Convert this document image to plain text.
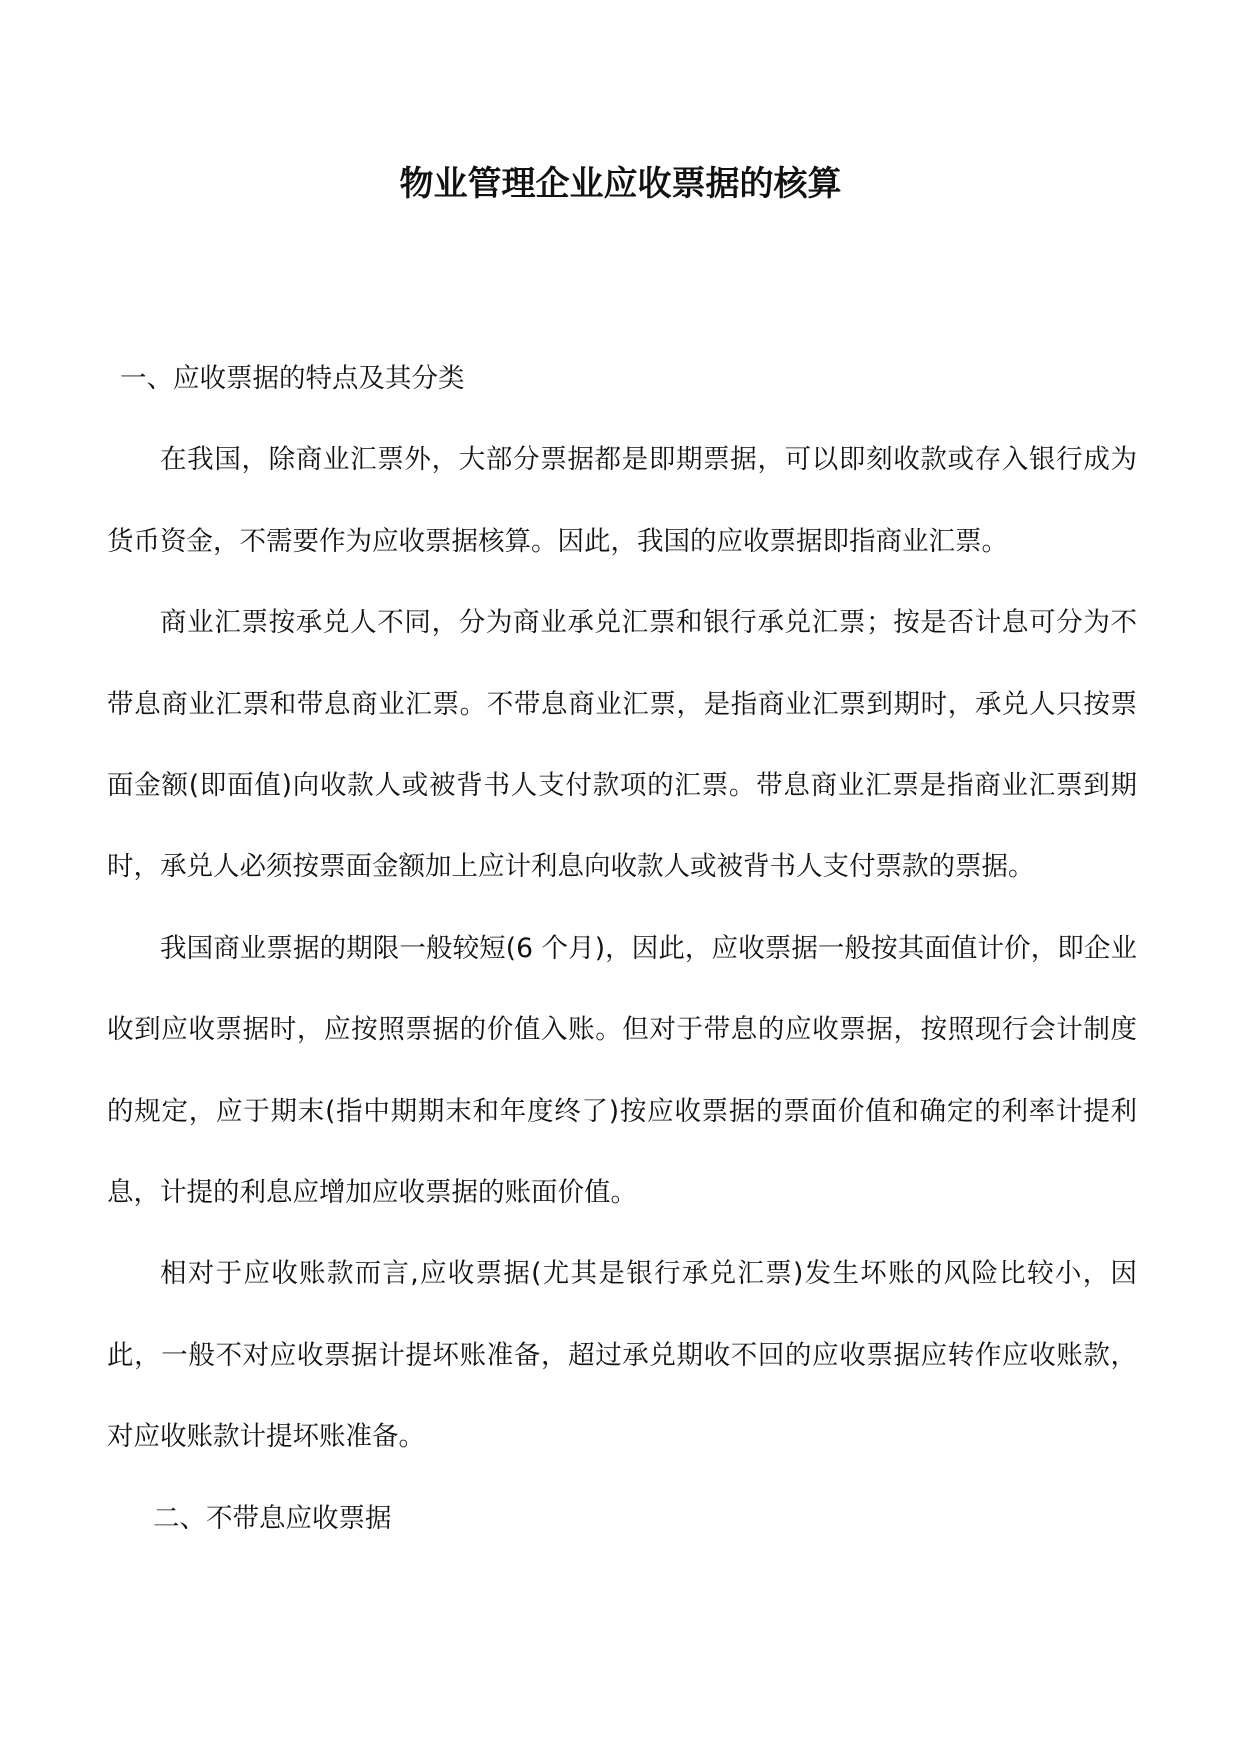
物业管理企业应收票据的核算

一、应收票据的特点及其分类

在我国，除商业汇票外，大部分票据都是即期票据，可以即刻收款或存入银行成为货币资金，不需要作为应收票据核算。因此，我国的应收票据即指商业汇票。

商业汇票按承兑人不同，分为商业承兑汇票和银行承兑汇票；按是否计息可分为不带息商业汇票和带息商业汇票。不带息商业汇票，是指商业汇票到期时，承兑人只按票面金额(即面值)向收款人或被背书人支付款项的汇票。带息商业汇票是指商业汇票到期时，承兑人必须按票面金额加上应计利息向收款人或被背书人支付票款的票据。

我国商业票据的期限一般较短(6 个月)，因此，应收票据一般按其面值计价，即企业收到应收票据时，应按照票据的价值入账。但对于带息的应收票据，按照现行会计制度的规定，应于期末(指中期期末和年度终了)按应收票据的票面价值和确定的利率计提利息，计提的利息应增加应收票据的账面价值。

相对于应收账款而言,应收票据(尤其是银行承兑汇票)发生坏账的风险比较小，因此，一般不对应收票据计提坏账准备，超过承兑期收不回的应收票据应转作应收账款，对应收账款计提坏账准备。

二、不带息应收票据
